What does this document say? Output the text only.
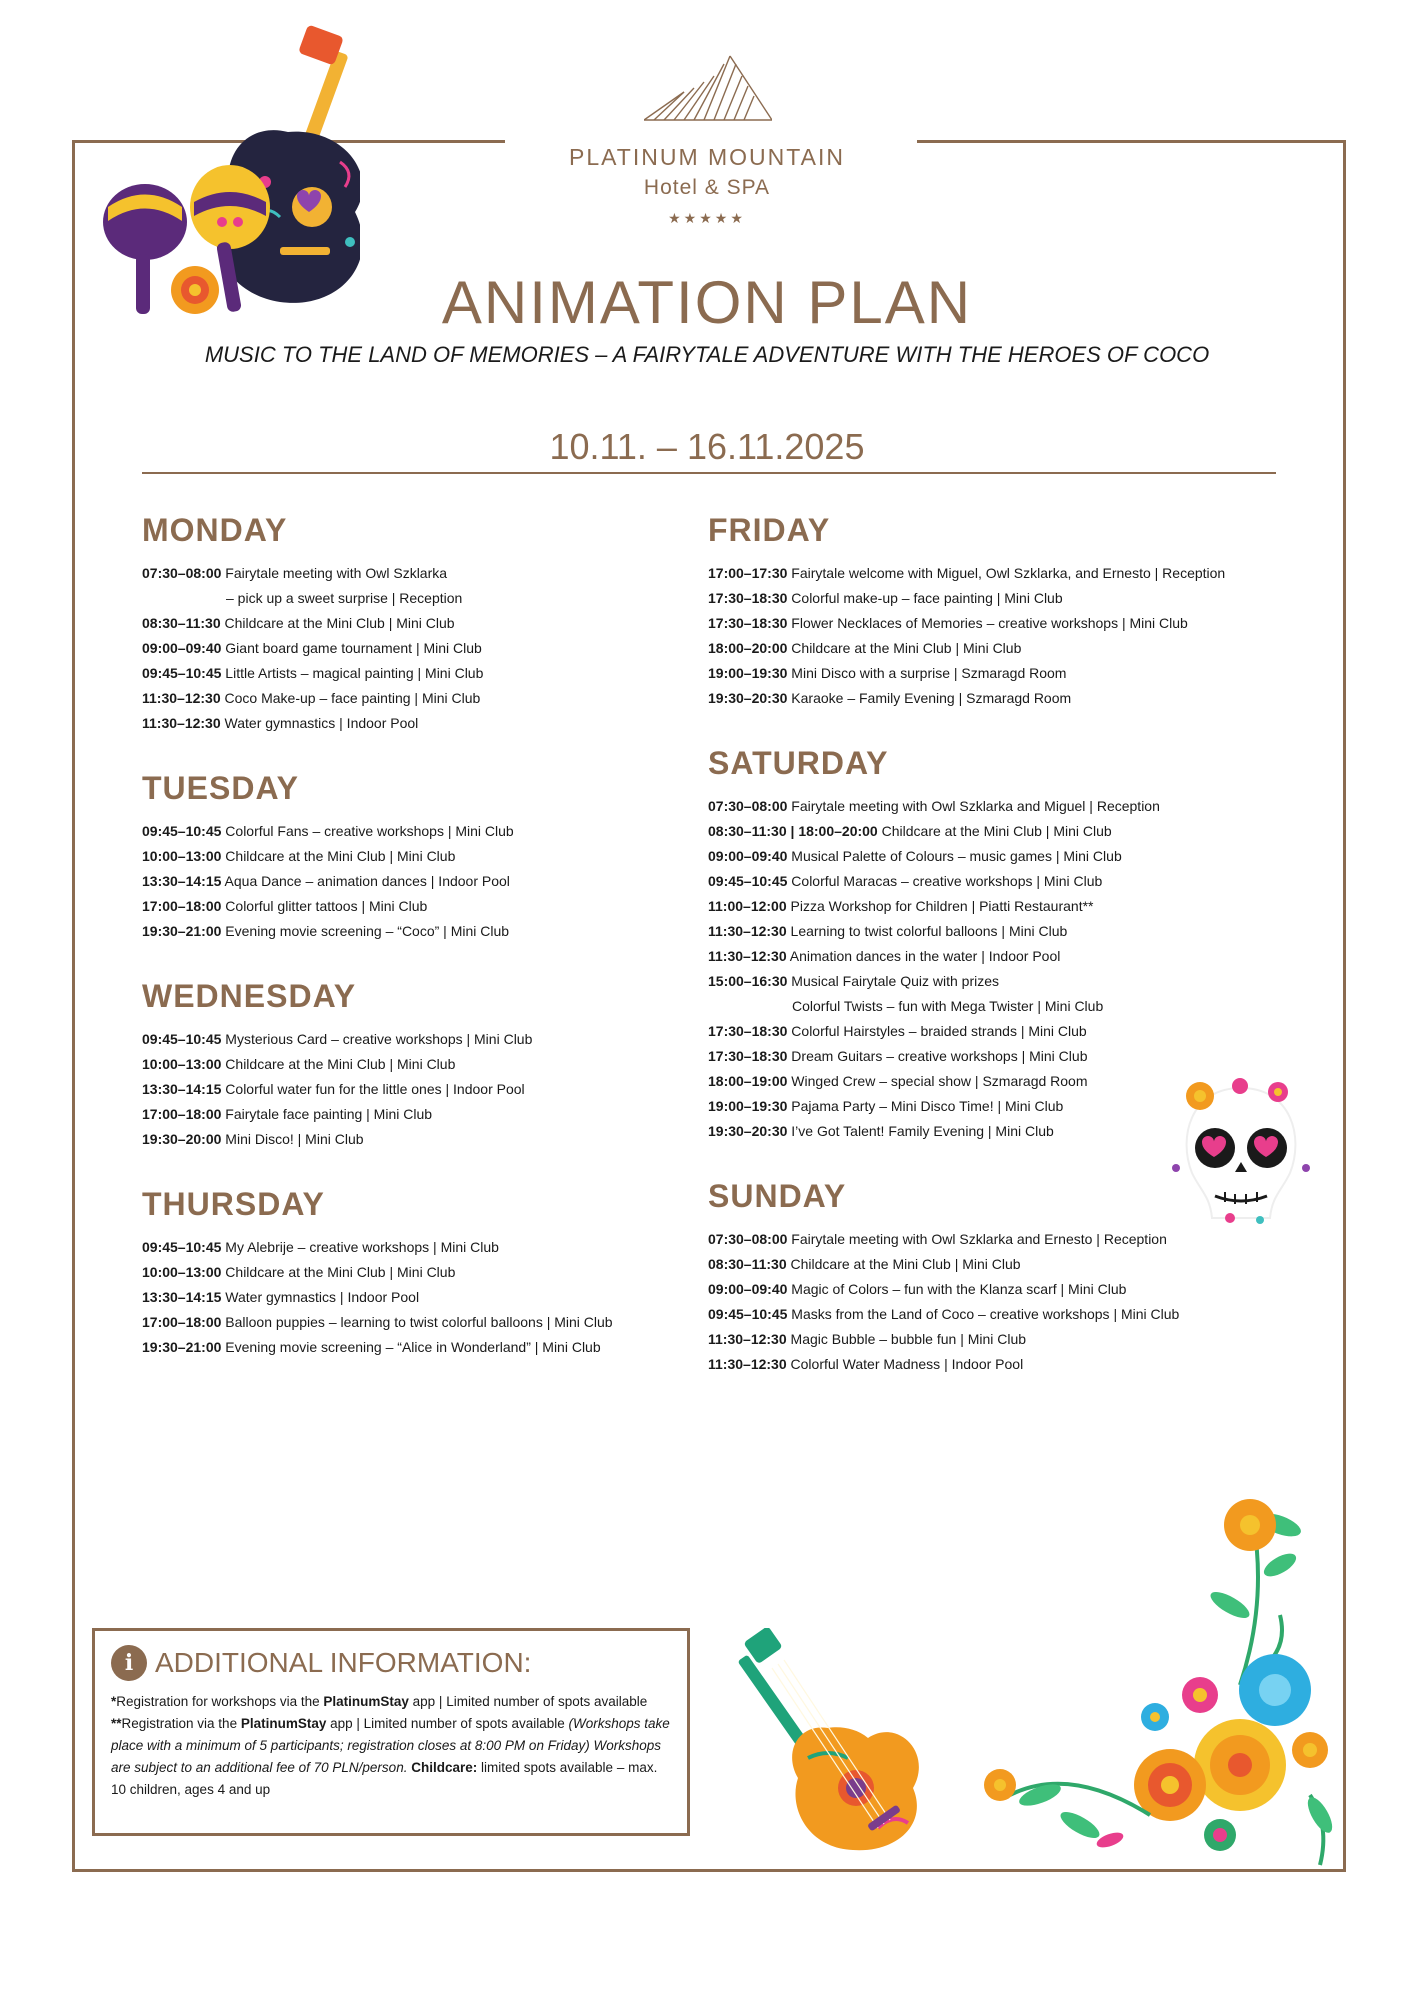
PLATINUM MOUNTAIN
Hotel & SPA
★★★★★
ANIMATION PLAN
MUSIC TO THE LAND OF MEMORIES – A FAIRYTALE ADVENTURE WITH THE HEROES OF COCO
10.11. – 16.11.2025
MONDAY
07:30–08:00 Fairytale meeting with Owl Szklarka
– pick up a sweet surprise | Reception
08:30–11:30 Childcare at the Mini Club | Mini Club
09:00–09:40 Giant board game tournament | Mini Club
09:45–10:45 Little Artists – magical painting | Mini Club
11:30–12:30 Coco Make-up – face painting | Mini Club
11:30–12:30 Water gymnastics | Indoor Pool
TUESDAY
09:45–10:45 Colorful Fans – creative workshops | Mini Club
10:00–13:00 Childcare at the Mini Club | Mini Club
13:30–14:15 Aqua Dance – animation dances | Indoor Pool
17:00–18:00 Colorful glitter tattoos | Mini Club
19:30–21:00 Evening movie screening – “Coco” | Mini Club
WEDNESDAY
09:45–10:45 Mysterious Card – creative workshops | Mini Club
10:00–13:00 Childcare at the Mini Club | Mini Club
13:30–14:15 Colorful water fun for the little ones | Indoor Pool
17:00–18:00 Fairytale face painting | Mini Club
19:30–20:00 Mini Disco! | Mini Club
THURSDAY
09:45–10:45 My Alebrije – creative workshops | Mini Club
10:00–13:00 Childcare at the Mini Club | Mini Club
13:30–14:15 Water gymnastics | Indoor Pool
17:00–18:00 Balloon puppies – learning to twist colorful balloons | Mini Club
19:30–21:00 Evening movie screening – “Alice in Wonderland” | Mini Club
FRIDAY
17:00–17:30 Fairytale welcome with Miguel, Owl Szklarka, and Ernesto | Reception
17:30–18:30 Colorful make-up – face painting | Mini Club
17:30–18:30 Flower Necklaces of Memories – creative workshops | Mini Club
18:00–20:00 Childcare at the Mini Club | Mini Club
19:00–19:30 Mini Disco with a surprise | Szmaragd Room
19:30–20:30 Karaoke – Family Evening | Szmaragd Room
SATURDAY
07:30–08:00 Fairytale meeting with Owl Szklarka and Miguel | Reception
08:30–11:30 | 18:00–20:00 Childcare at the Mini Club | Mini Club
09:00–09:40 Musical Palette of Colours – music games | Mini Club
09:45–10:45 Colorful Maracas – creative workshops | Mini Club
11:00–12:00 Pizza Workshop for Children | Piatti Restaurant**
11:30–12:30 Learning to twist colorful balloons | Mini Club
11:30–12:30 Animation dances in the water | Indoor Pool
15:00–16:30 Musical Fairytale Quiz with prizes
Colorful Twists – fun with Mega Twister | Mini Club
17:30–18:30 Colorful Hairstyles – braided strands | Mini Club
17:30–18:30 Dream Guitars – creative workshops | Mini Club
18:00–19:00 Winged Crew – special show | Szmaragd Room
19:00–19:30 Pajama Party – Mini Disco Time! | Mini Club
19:30–20:30 I’ve Got Talent! Family Evening | Mini Club
SUNDAY
07:30–08:00 Fairytale meeting with Owl Szklarka and Ernesto | Reception
08:30–11:30 Childcare at the Mini Club | Mini Club
09:00–09:40 Magic of Colors – fun with the Klanza scarf | Mini Club
09:45–10:45 Masks from the Land of Coco – creative workshops | Mini Club
11:30–12:30 Magic Bubble – bubble fun | Mini Club
11:30–12:30 Colorful Water Madness | Indoor Pool
i ADDITIONAL INFORMATION:

*Registration for workshops via the PlatinumStay app | Limited number of spots available

**Registration via the PlatinumStay app | Limited number of spots available (Workshops take place with a minimum of 5 participants; registration closes at 8:00 PM on Friday) Workshops are subject to an additional fee of 70 PLN/person. Childcare: limited spots available – max. 10 children, ages 4 and up
